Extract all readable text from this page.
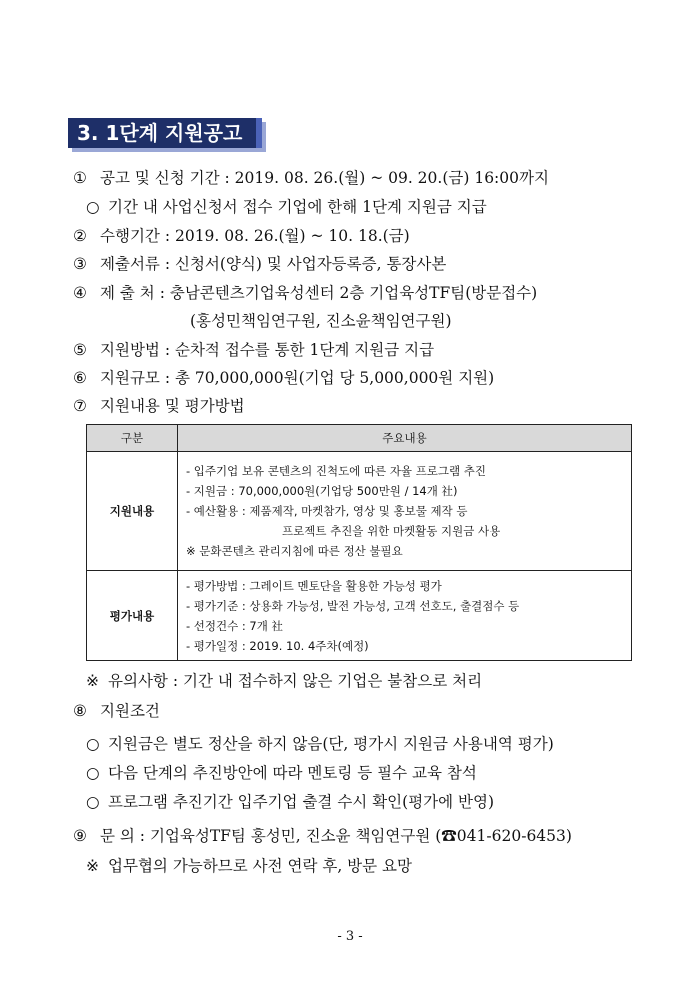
3. 1단계 지원공고
① 공고 및 신청 기간 : 2019. 08. 26.(월) ~ 09. 20.(금) 16:00까지
○ 기간 내 사업신청서 접수 기업에 한해 1단계 지원금 지급
② 수행기간 : 2019. 08. 26.(월) ~ 10. 18.(금)
③ 제출서류 : 신청서(양식) 및 사업자등록증, 통장사본
④ 제 출 처 : 충남콘텐츠기업육성센터 2층 기업육성TF팀(방문접수)
(홍성민책임연구원, 진소윤책임연구원)
⑤ 지원방법 : 순차적 접수를 통한 1단계 지원금 지급
⑥ 지원규모 : 총 70,000,000원(기업 당 5,000,000원 지원)
⑦ 지원내용 및 평가방법
구분	주요내용
지원내용	- 입주기업 보유 콘텐츠의 진척도에 따른 자율 프로그램 추진
- 지원금 : 70,000,000원(기업당 500만원 / 14개 社)
- 예산활용 : 제품제작, 마켓참가, 영상 및 홍보물 제작 등
프로젝트 추진을 위한 마켓활동 지원금 사용
※ 문화콘텐츠 관리지침에 따른 정산 불필요

평가내용	- 평가방법 : 그레이트 멘토단을 활용한 가능성 평가
- 평가기준 : 상용화 가능성, 발전 가능성, 고객 선호도, 출결점수 등
- 선정건수 : 7개 社
- 평가일정 : 2019. 10. 4주차(예정)
※ 유의사항 : 기간 내 접수하지 않은 기업은 불참으로 처리
⑧ 지원조건
○ 지원금은 별도 정산을 하지 않음(단, 평가시 지원금 사용내역 평가)
○ 다음 단계의 추진방안에 따라 멘토링 등 필수 교육 참석
○ 프로그램 추진기간 입주기업 출결 수시 확인(평가에 반영)
⑨ 문 의 : 기업육성TF팀 홍성민, 진소윤 책임연구원 (☎041-620-6453)
※ 업무협의 가능하므로 사전 연락 후, 방문 요망
- 3 -
